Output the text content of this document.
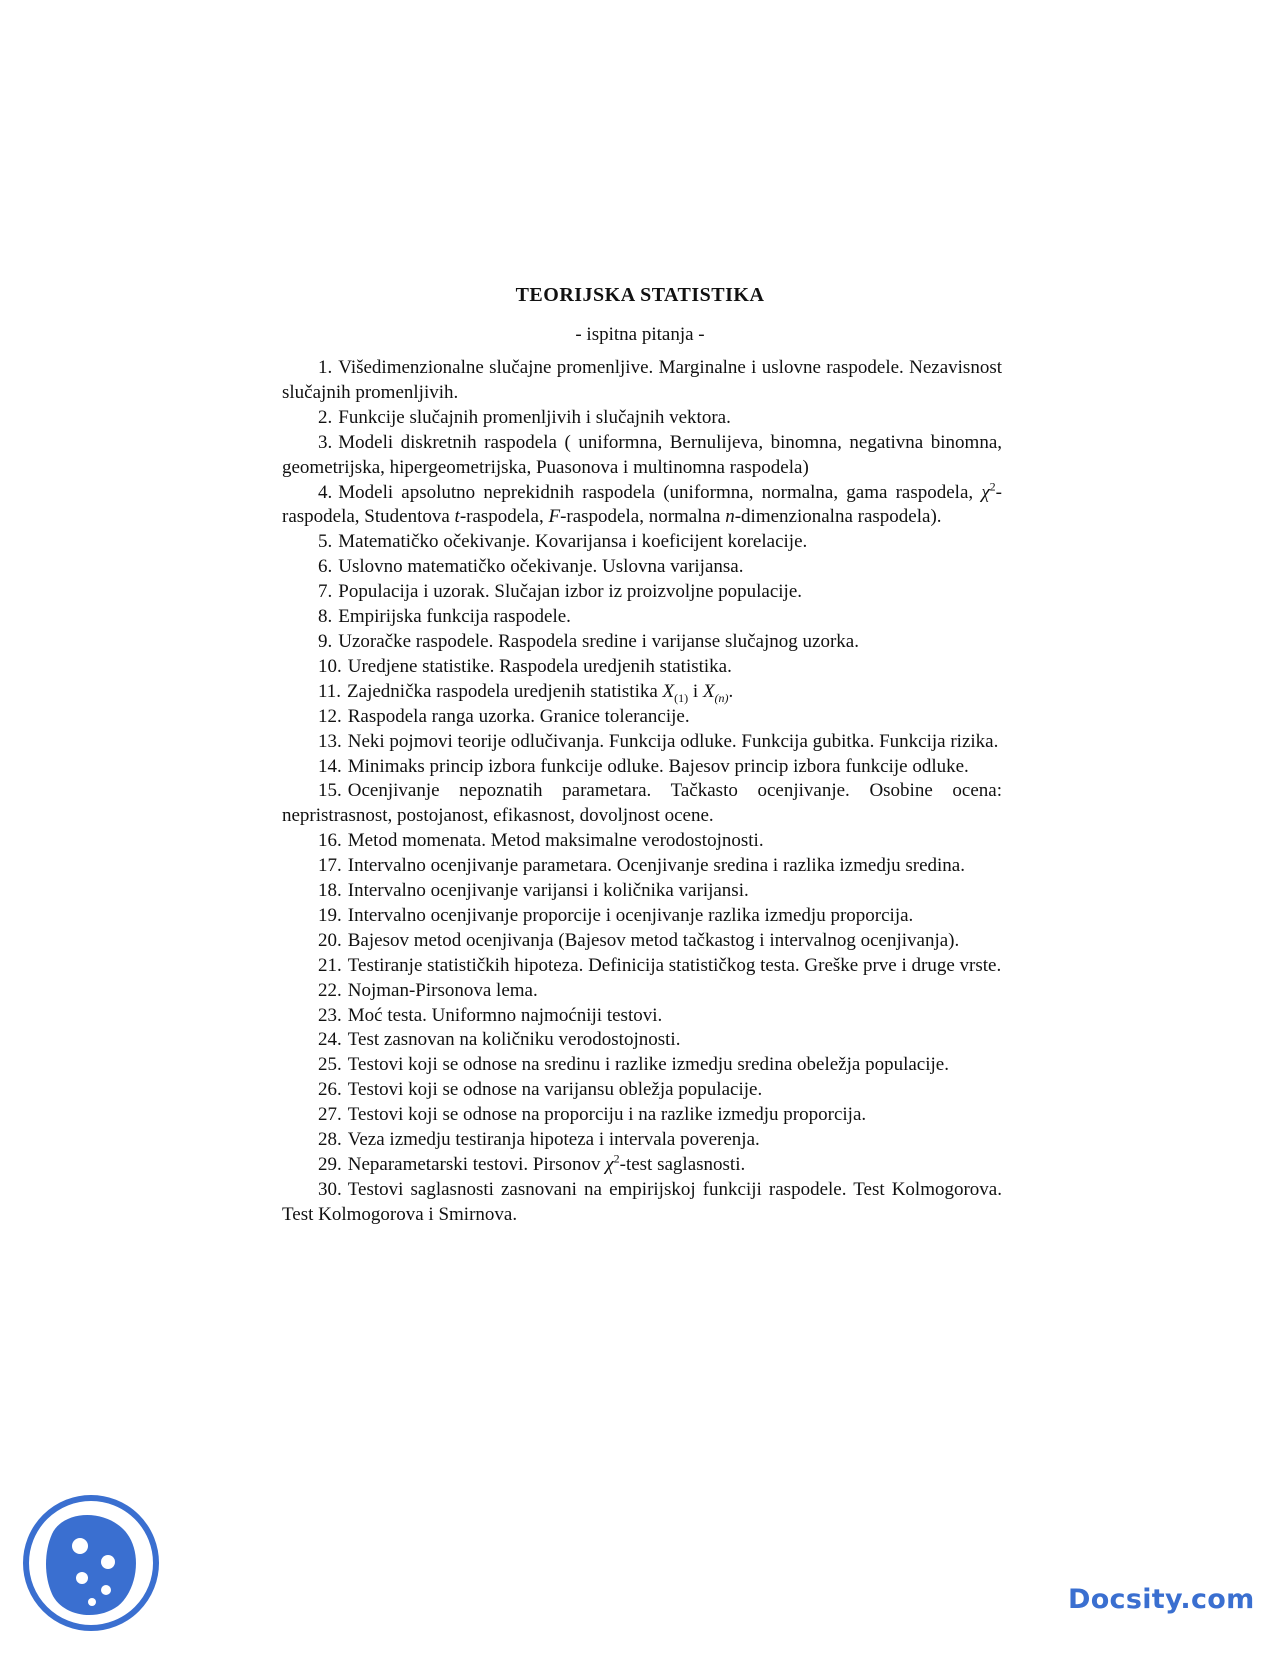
TEORIJSKA STATISTIKA

- ispitna pitanja -

1. Višedimenzionalne slučajne promenljive. Marginalne i uslovne raspodele. Nezavisnost slučajnih promenljivih.
2. Funkcije slučajnih promenljivih i slučajnih vektora.
3. Modeli diskretnih raspodela ( uniformna, Bernulijeva, binomna, negativna binomna, geometrijska, hipergeometrijska, Puasonova i multinomna raspodela)
4. Modeli apsolutno neprekidnih raspodela (uniformna, normalna, gama raspodela, $\chi^2-$ raspodela, Studentova t-raspodela, F-raspodela, normalna n-dimenzionalna raspodela).
5. Matematičko očekivanje. Kovarijansa i koeficijent korelacije.
6. Uslovno matematičko očekivanje. Uslovna varijansa.
7. Populacija i uzorak. Slučajan izbor iz proizvoljne populacije.
8. Empirijska funkcija raspodele.
9. Uzoračke raspodele. Raspodela sredine i varijanse slučajnog uzorka.
10. Uredjene statistike. Raspodela uredjenih statistika.
11. Zajednička raspodela uredjenih statistika $X_{(1)}$ i $X_{(n)}$.
12. Raspodela ranga uzorka. Granice tolerancije.
13. Neki pojmovi teorije odlučivanja. Funkcija odluke. Funkcija gubitka. Funkcija rizika.
14. Minimaks princip izbora funkcije odluke. Bajesov princip izbora funkcije odluke.
15. Ocenjivanje nepoznatih parametara. Tačkasto ocenjivanje. Osobine ocena: nepristrasnost, postojanost, efikasnost, dovoljnost ocene.
16. Metod momenata. Metod maksimalne verodostojnosti.
17. Intervalno ocenjivanje parametara. Ocenjivanje sredina i razlika izmedju sredina.
18. Intervalno ocenjivanje varijansi i količnika varijansi.
19. Intervalno ocenjivanje proporcije i ocenjivanje razlika izmedju proporcija.
20. Bajesov metod ocenjivanja (Bajesov metod tačkastog i intervalnog ocenjivanja).
21. Testiranje statističkih hipoteza. Definicija statističkog testa. Greške prve i druge vrste.
22. Nojman-Pirsonova lema.
23. Moć testa. Uniformno najmoćniji testovi.
24. Test zasnovan na količniku verodostojnosti.
25. Testovi koji se odnose na sredinu i razlike izmedju sredina obeležja populacije.
26. Testovi koji se odnose na varijansu obležja populacije.
27. Testovi koji se odnose na proporciju i na razlike izmedju proporcija.
28. Veza izmedju testiranja hipoteza i intervala poverenja.
29. Neparametarski testovi. Pirsonov $\chi^2$-test saglasnosti.
30. Testovi saglasnosti zasnovani na empirijskoj funkciji raspodele. Test Kolmogorova. Test Kolmogorova i Smirnova.
Docsity.com
